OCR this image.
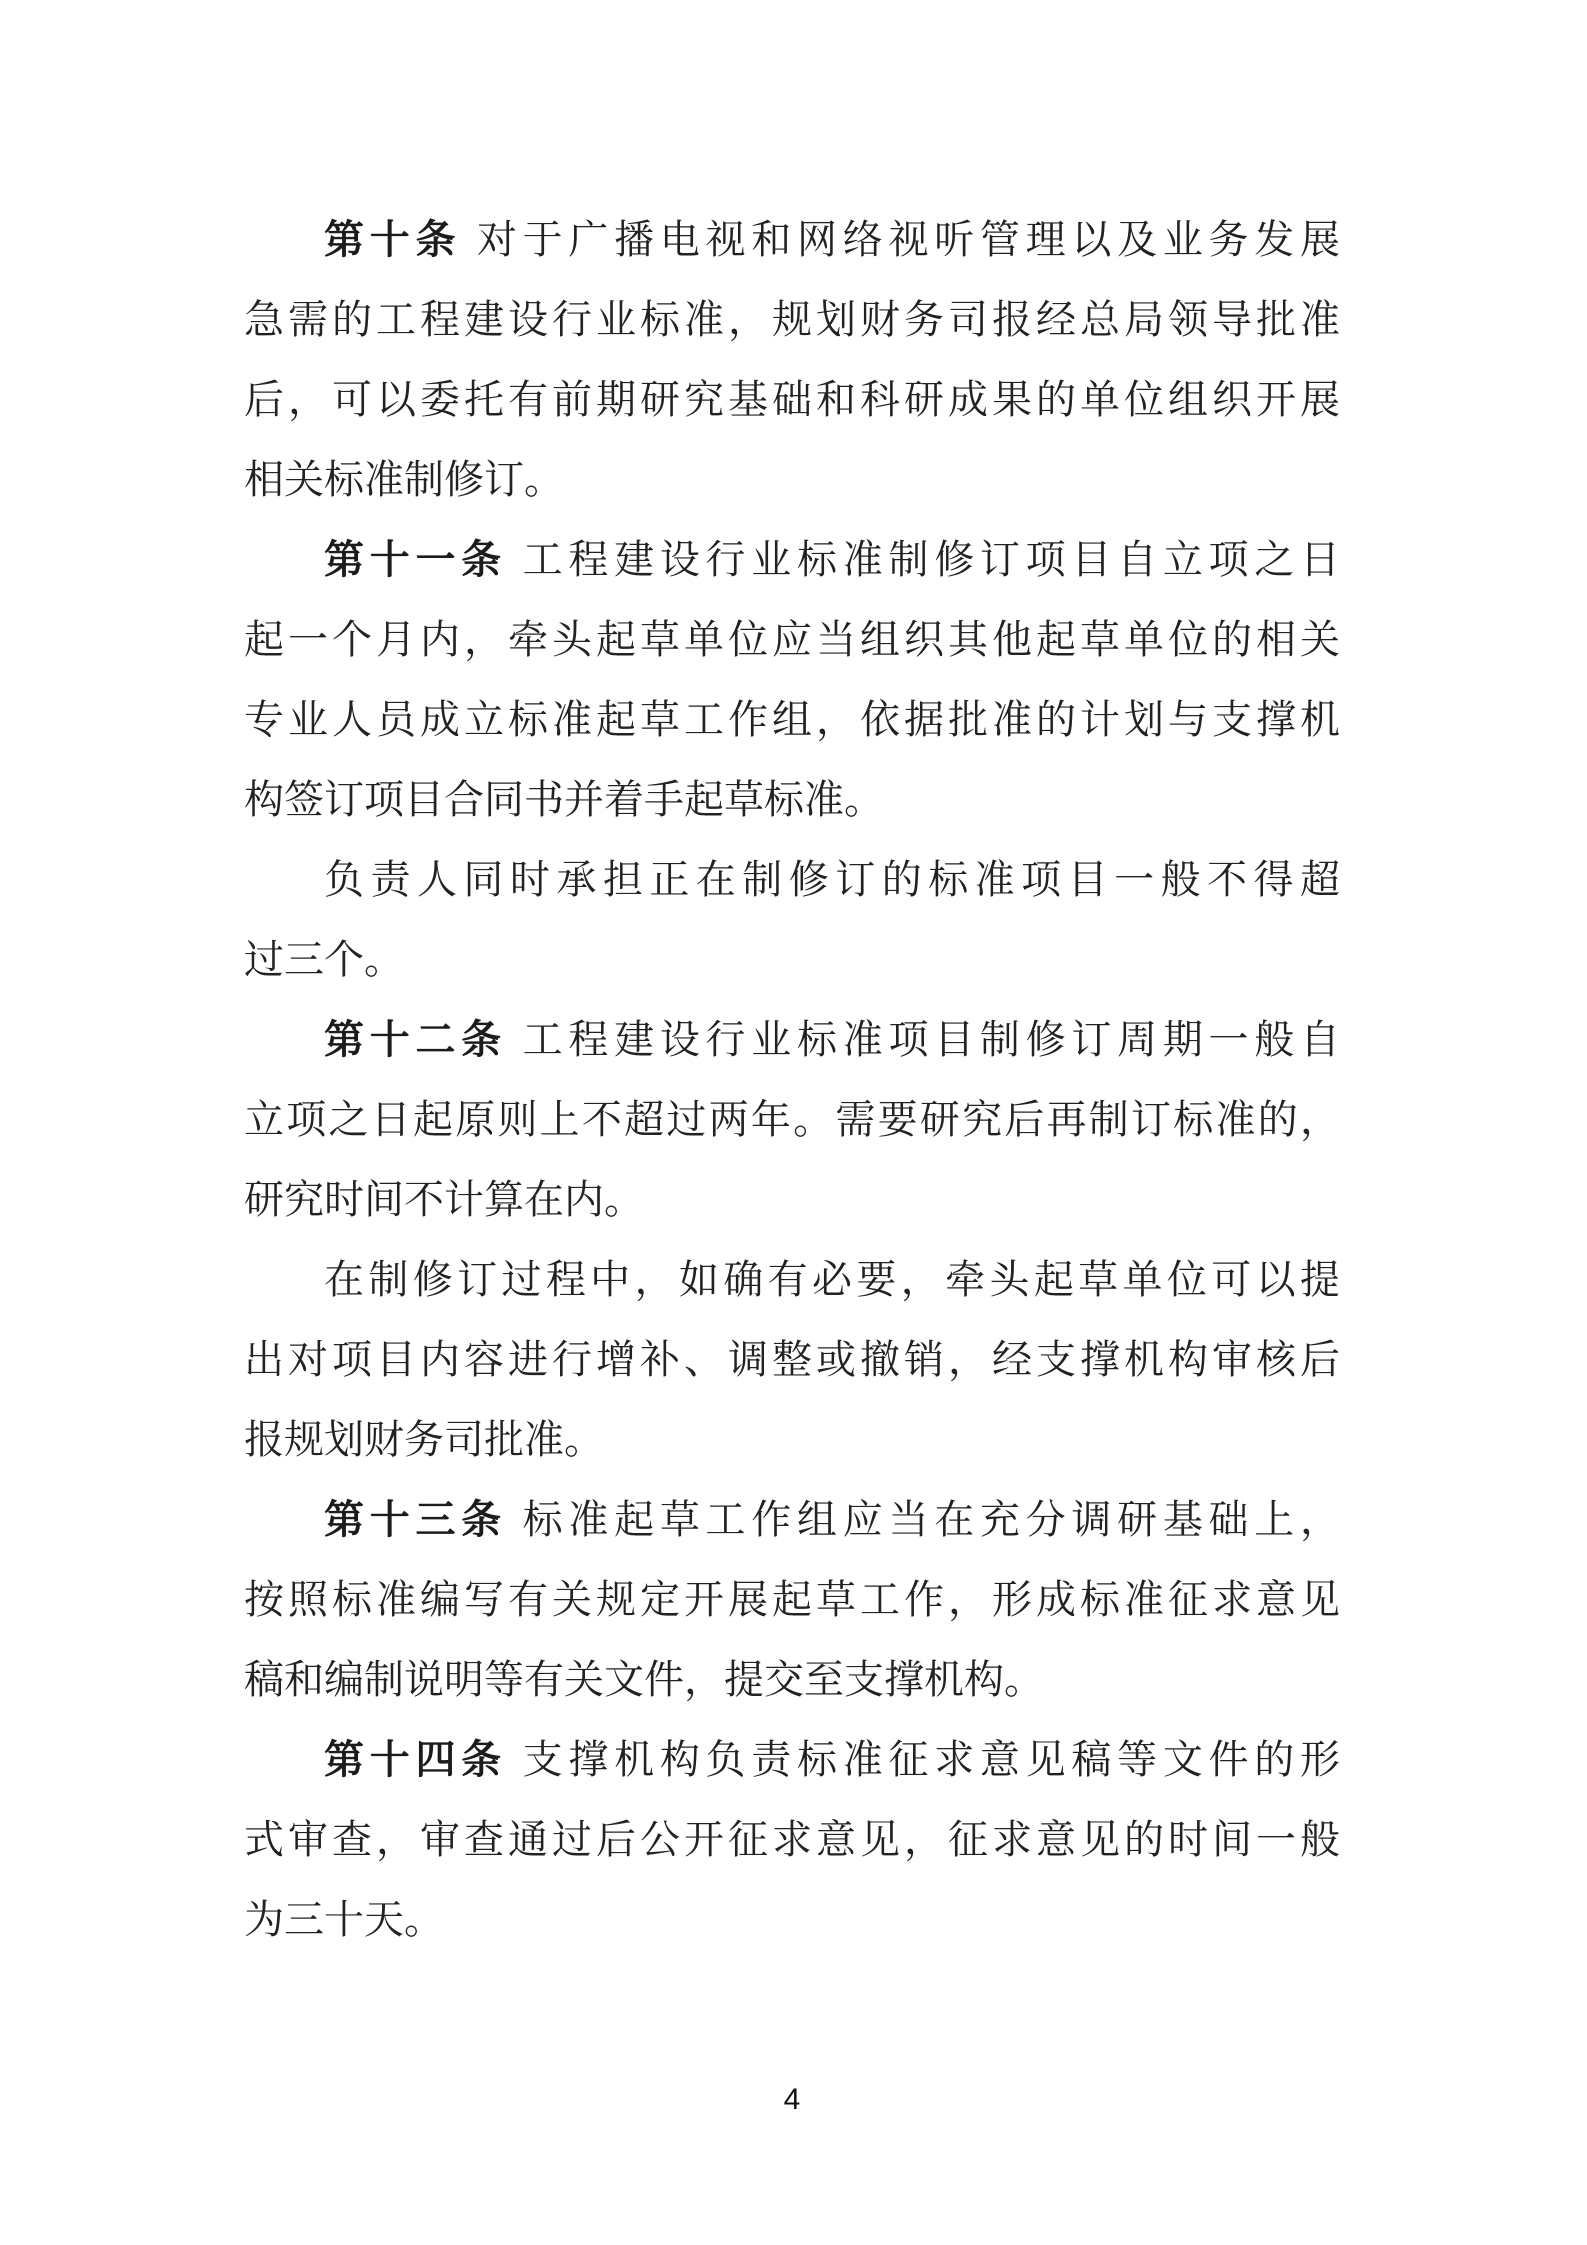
第十条 对于广播电视和网络视听管理以及业务发展
急需的工程建设行业标准，规划财务司报经总局领导批准
后，可以委托有前期研究基础和科研成果的单位组织开展
相关标准制修订。
第十一条 工程建设行业标准制修订项目自立项之日
起一个月内，牵头起草单位应当组织其他起草单位的相关
专业人员成立标准起草工作组，依据批准的计划与支撑机
构签订项目合同书并着手起草标准。
负责人同时承担正在制修订的标准项目一般不得超
过三个。
第十二条 工程建设行业标准项目制修订周期一般自
立项之日起原则上不超过两年。需要研究后再制订标准的，
研究时间不计算在内。
在制修订过程中，如确有必要，牵头起草单位可以提
出对项目内容进行增补、调整或撤销，经支撑机构审核后
报规划财务司批准。
第十三条 标准起草工作组应当在充分调研基础上，
按照标准编写有关规定开展起草工作，形成标准征求意见
稿和编制说明等有关文件，提交至支撑机构。
第十四条 支撑机构负责标准征求意见稿等文件的形
式审查，审查通过后公开征求意见，征求意见的时间一般
为三十天。
4
